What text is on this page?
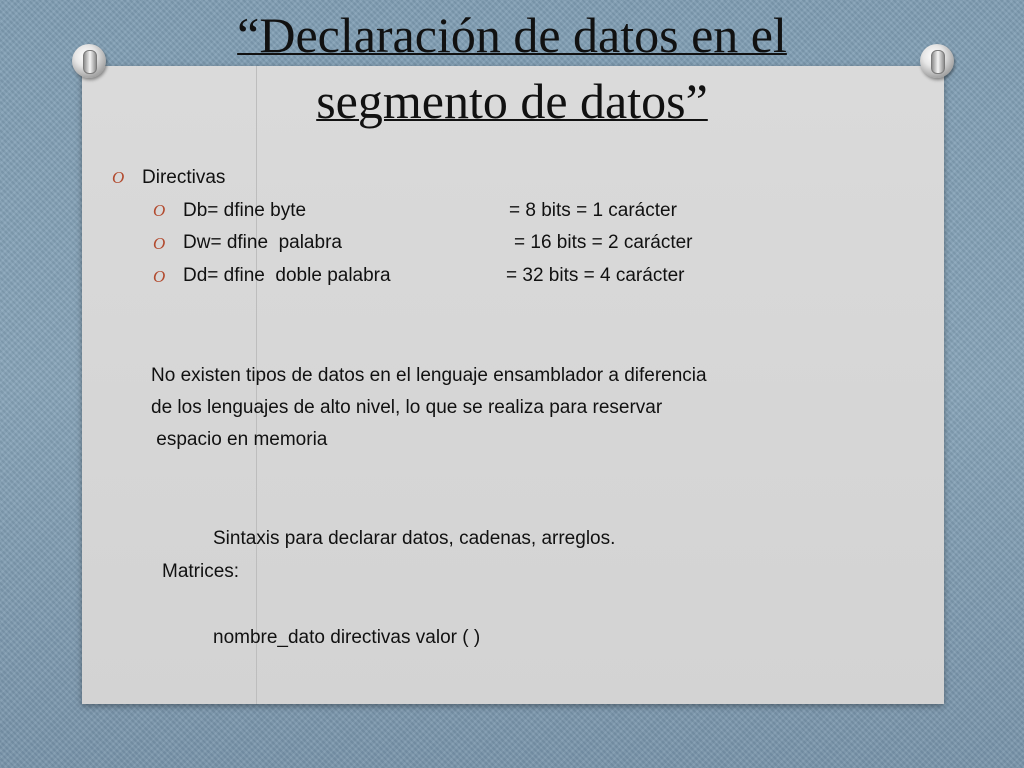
“Declaración de datos en el
segmento de datos”
O Directivas
O Db= dfine byte	= 8 bits = 1 carácter
O Dw= dfine  palabra	= 16 bits = 2 carácter
O Dd= dfine  doble palabra	= 32 bits = 4 carácter
No existen tipos de datos en el lenguaje ensamblador a diferencia
de los lenguajes de alto nivel, lo que se realiza para reservar
espacio en memoria
Sintaxis para declarar datos, cadenas, arreglos.
Matrices:
nombre_dato directivas valor ( )
